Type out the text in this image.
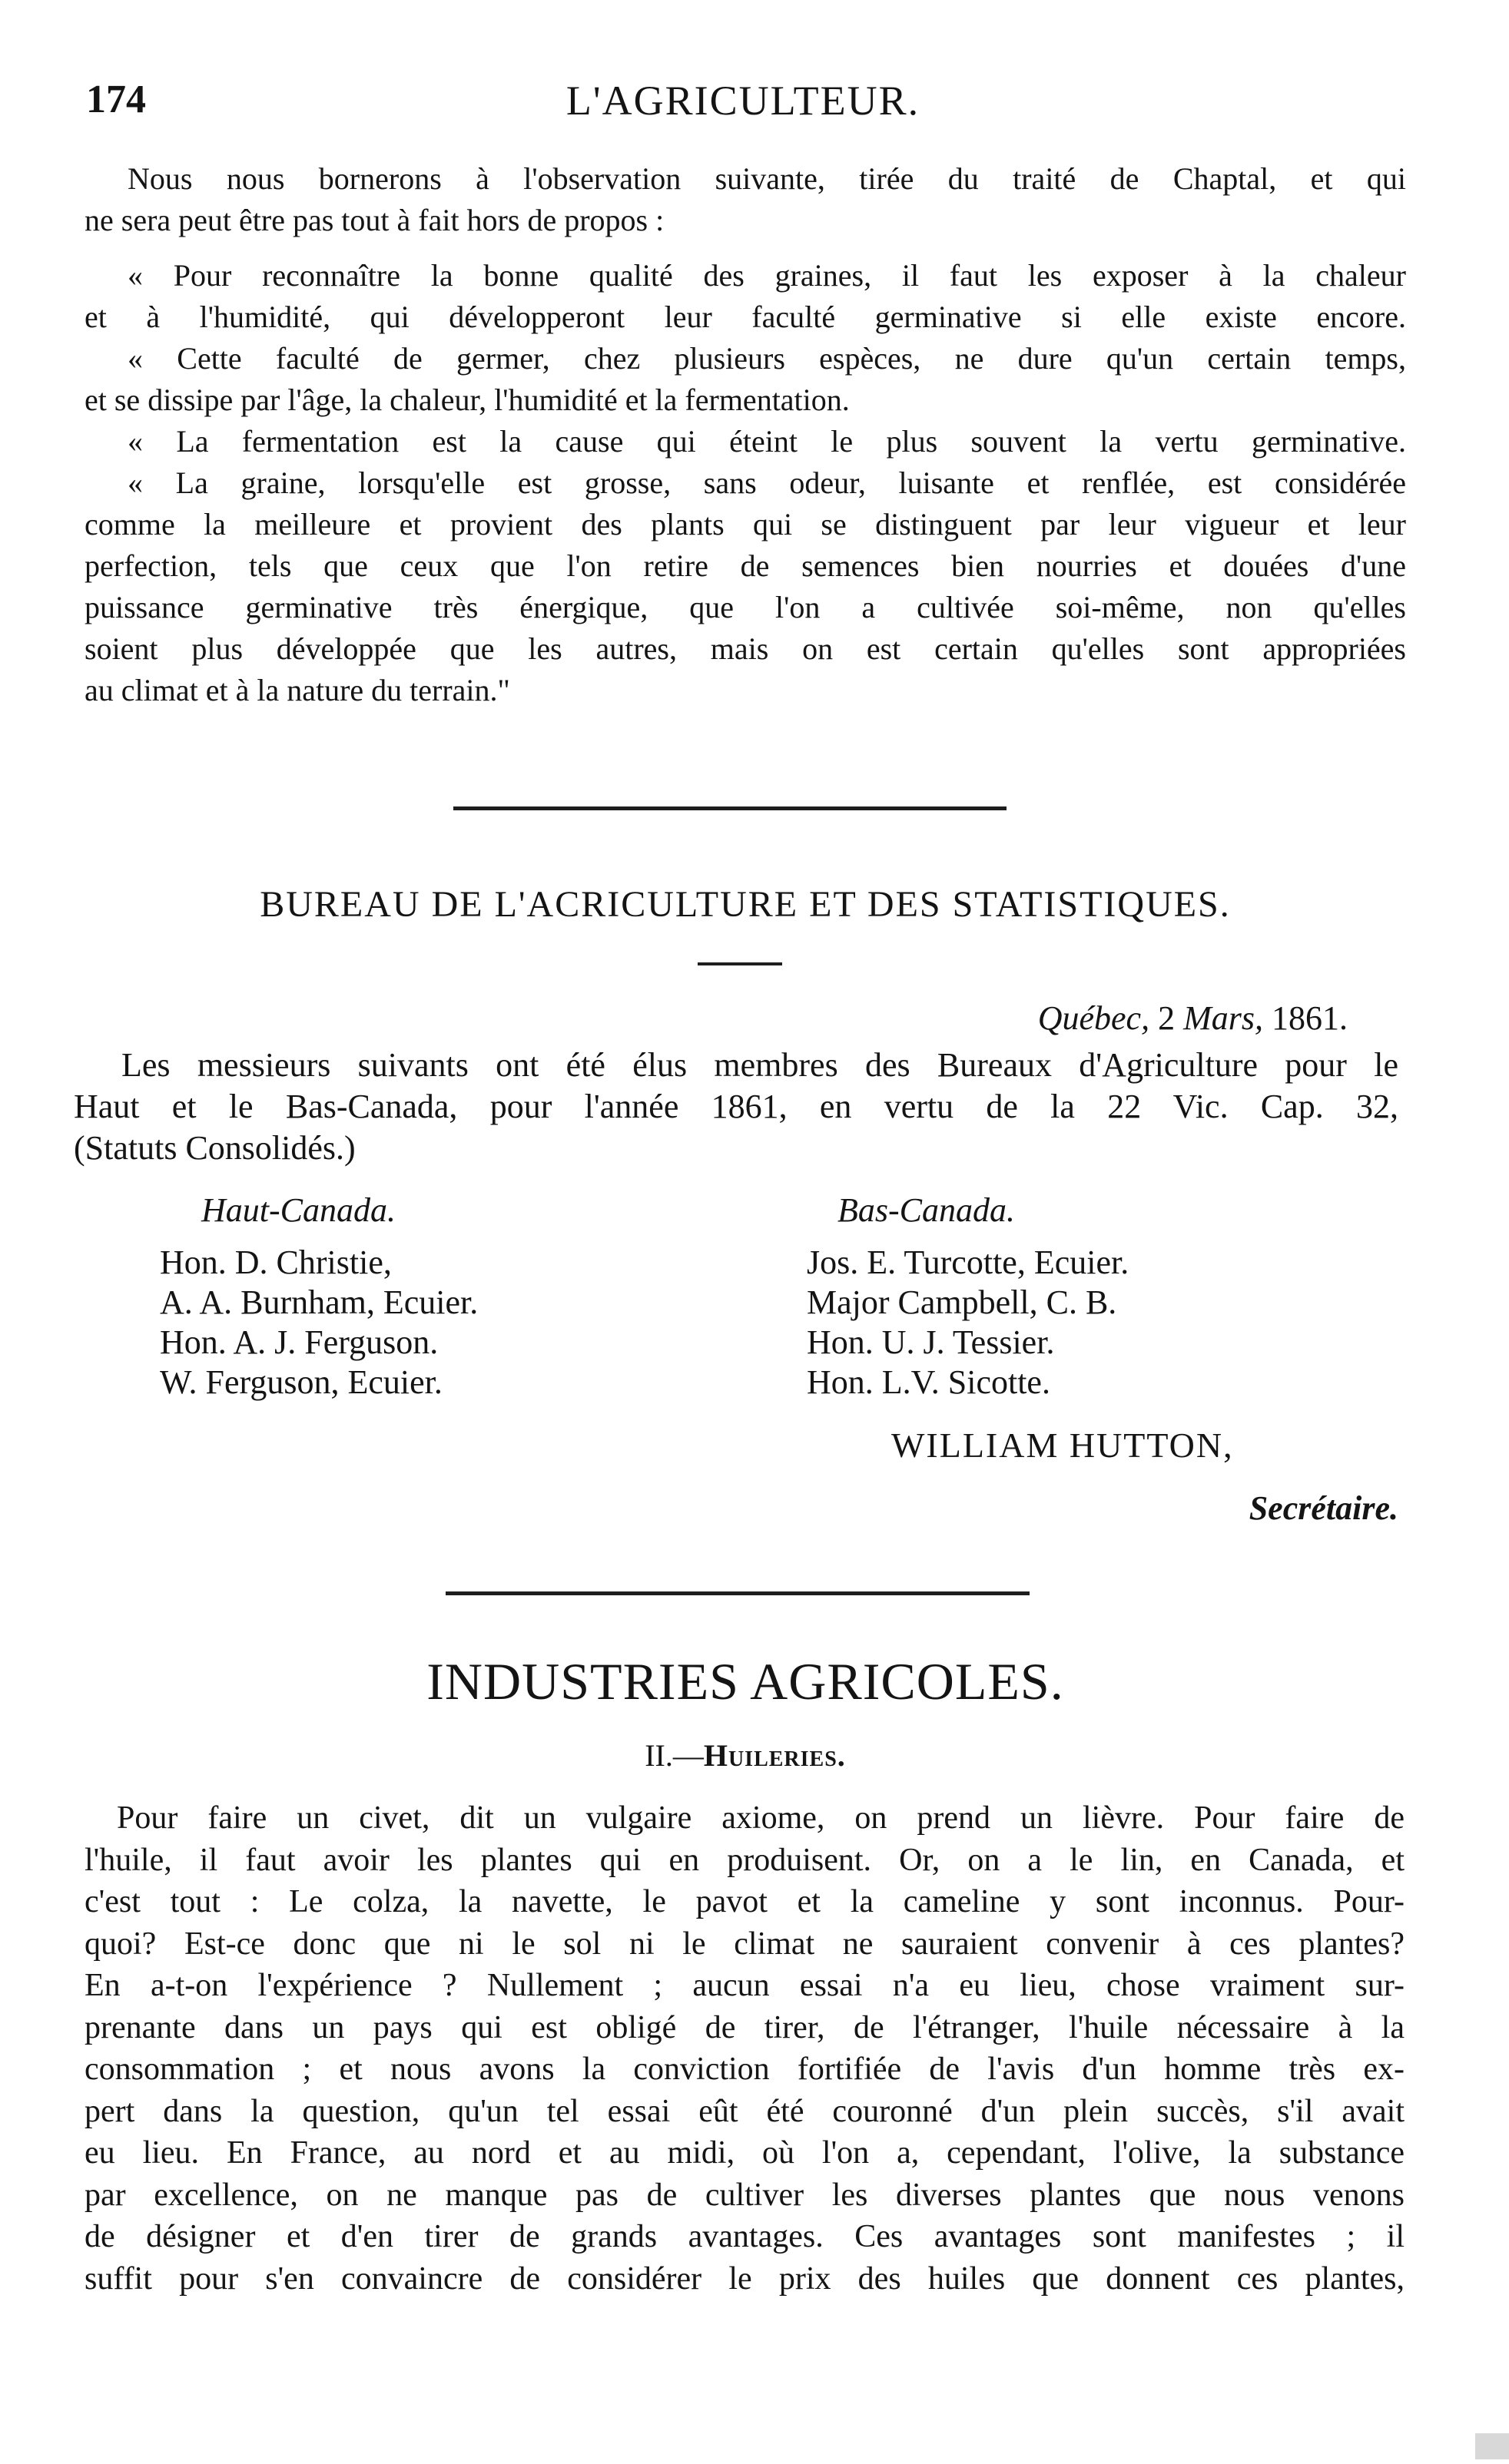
174	L'AGRICULTEUR.
Nous nous bornerons à l'observation suivante, tirée du traité de Chaptal, et qui
ne sera peut être pas tout à fait hors de propos :
« Pour reconnaître la bonne qualité des graines, il faut les exposer à la chaleur
et à l'humidité, qui développeront leur faculté germinative si elle existe encore.
« Cette faculté de germer, chez plusieurs espèces, ne dure qu'un certain temps,
et se dissipe par l'âge, la chaleur, l'humidité et la fermentation.
« La fermentation est la cause qui éteint le plus souvent la vertu germinative.
« La graine, lorsqu'elle est grosse, sans odeur, luisante et renflée, est considérée
comme la meilleure et provient des plants qui se distinguent par leur vigueur et leur
perfection, tels que ceux que l'on retire de semences bien nourries et douées d'une
puissance germinative très énergique, que l'on a cultivée soi-même, non qu'elles
soient plus développée que les autres, mais on est certain qu'elles sont appropriées
au climat et à la nature du terrain."
BUREAU DE L'ACRICULTURE ET DES STATISTIQUES.
Québec, 2 Mars, 1861.
Les messieurs suivants ont été élus membres des Bureaux d'Agriculture pour le
Haut et le Bas-Canada, pour l'année 1861, en vertu de la 22 Vic. Cap. 32,
(Statuts Consolidés.)
Haut-Canada.	Bas-Canada.
Hon. D. Christie,
A. A. Burnham, Ecuier.
Hon. A. J. Ferguson.
W. Ferguson, Ecuier.
Jos. E. Turcotte, Ecuier.
Major Campbell, C. B.
Hon. U. J. Tessier.
Hon. L.V. Sicotte.
WILLIAM HUTTON,
Secrétaire.
INDUSTRIES AGRICOLES.
II.—Huileries.
Pour faire un civet, dit un vulgaire axiome, on prend un lièvre. Pour faire de
l'huile, il faut avoir les plantes qui en produisent. Or, on a le lin, en Canada, et
c'est tout : Le colza, la navette, le pavot et la cameline y sont inconnus. Pour-
quoi? Est-ce donc que ni le sol ni le climat ne sauraient convenir à ces plantes?
En a-t-on l'expérience ? Nullement ; aucun essai n'a eu lieu, chose vraiment sur-
prenante dans un pays qui est obligé de tirer, de l'étranger, l'huile nécessaire à la
consommation ; et nous avons la conviction fortifiée de l'avis d'un homme très ex-
pert dans la question, qu'un tel essai eût été couronné d'un plein succès, s'il avait
eu lieu. En France, au nord et au midi, où l'on a, cependant, l'olive, la substance
par excellence, on ne manque pas de cultiver les diverses plantes que nous venons
de désigner et d'en tirer de grands avantages. Ces avantages sont manifestes ; il
suffit pour s'en convaincre de considérer le prix des huiles que donnent ces plantes,
